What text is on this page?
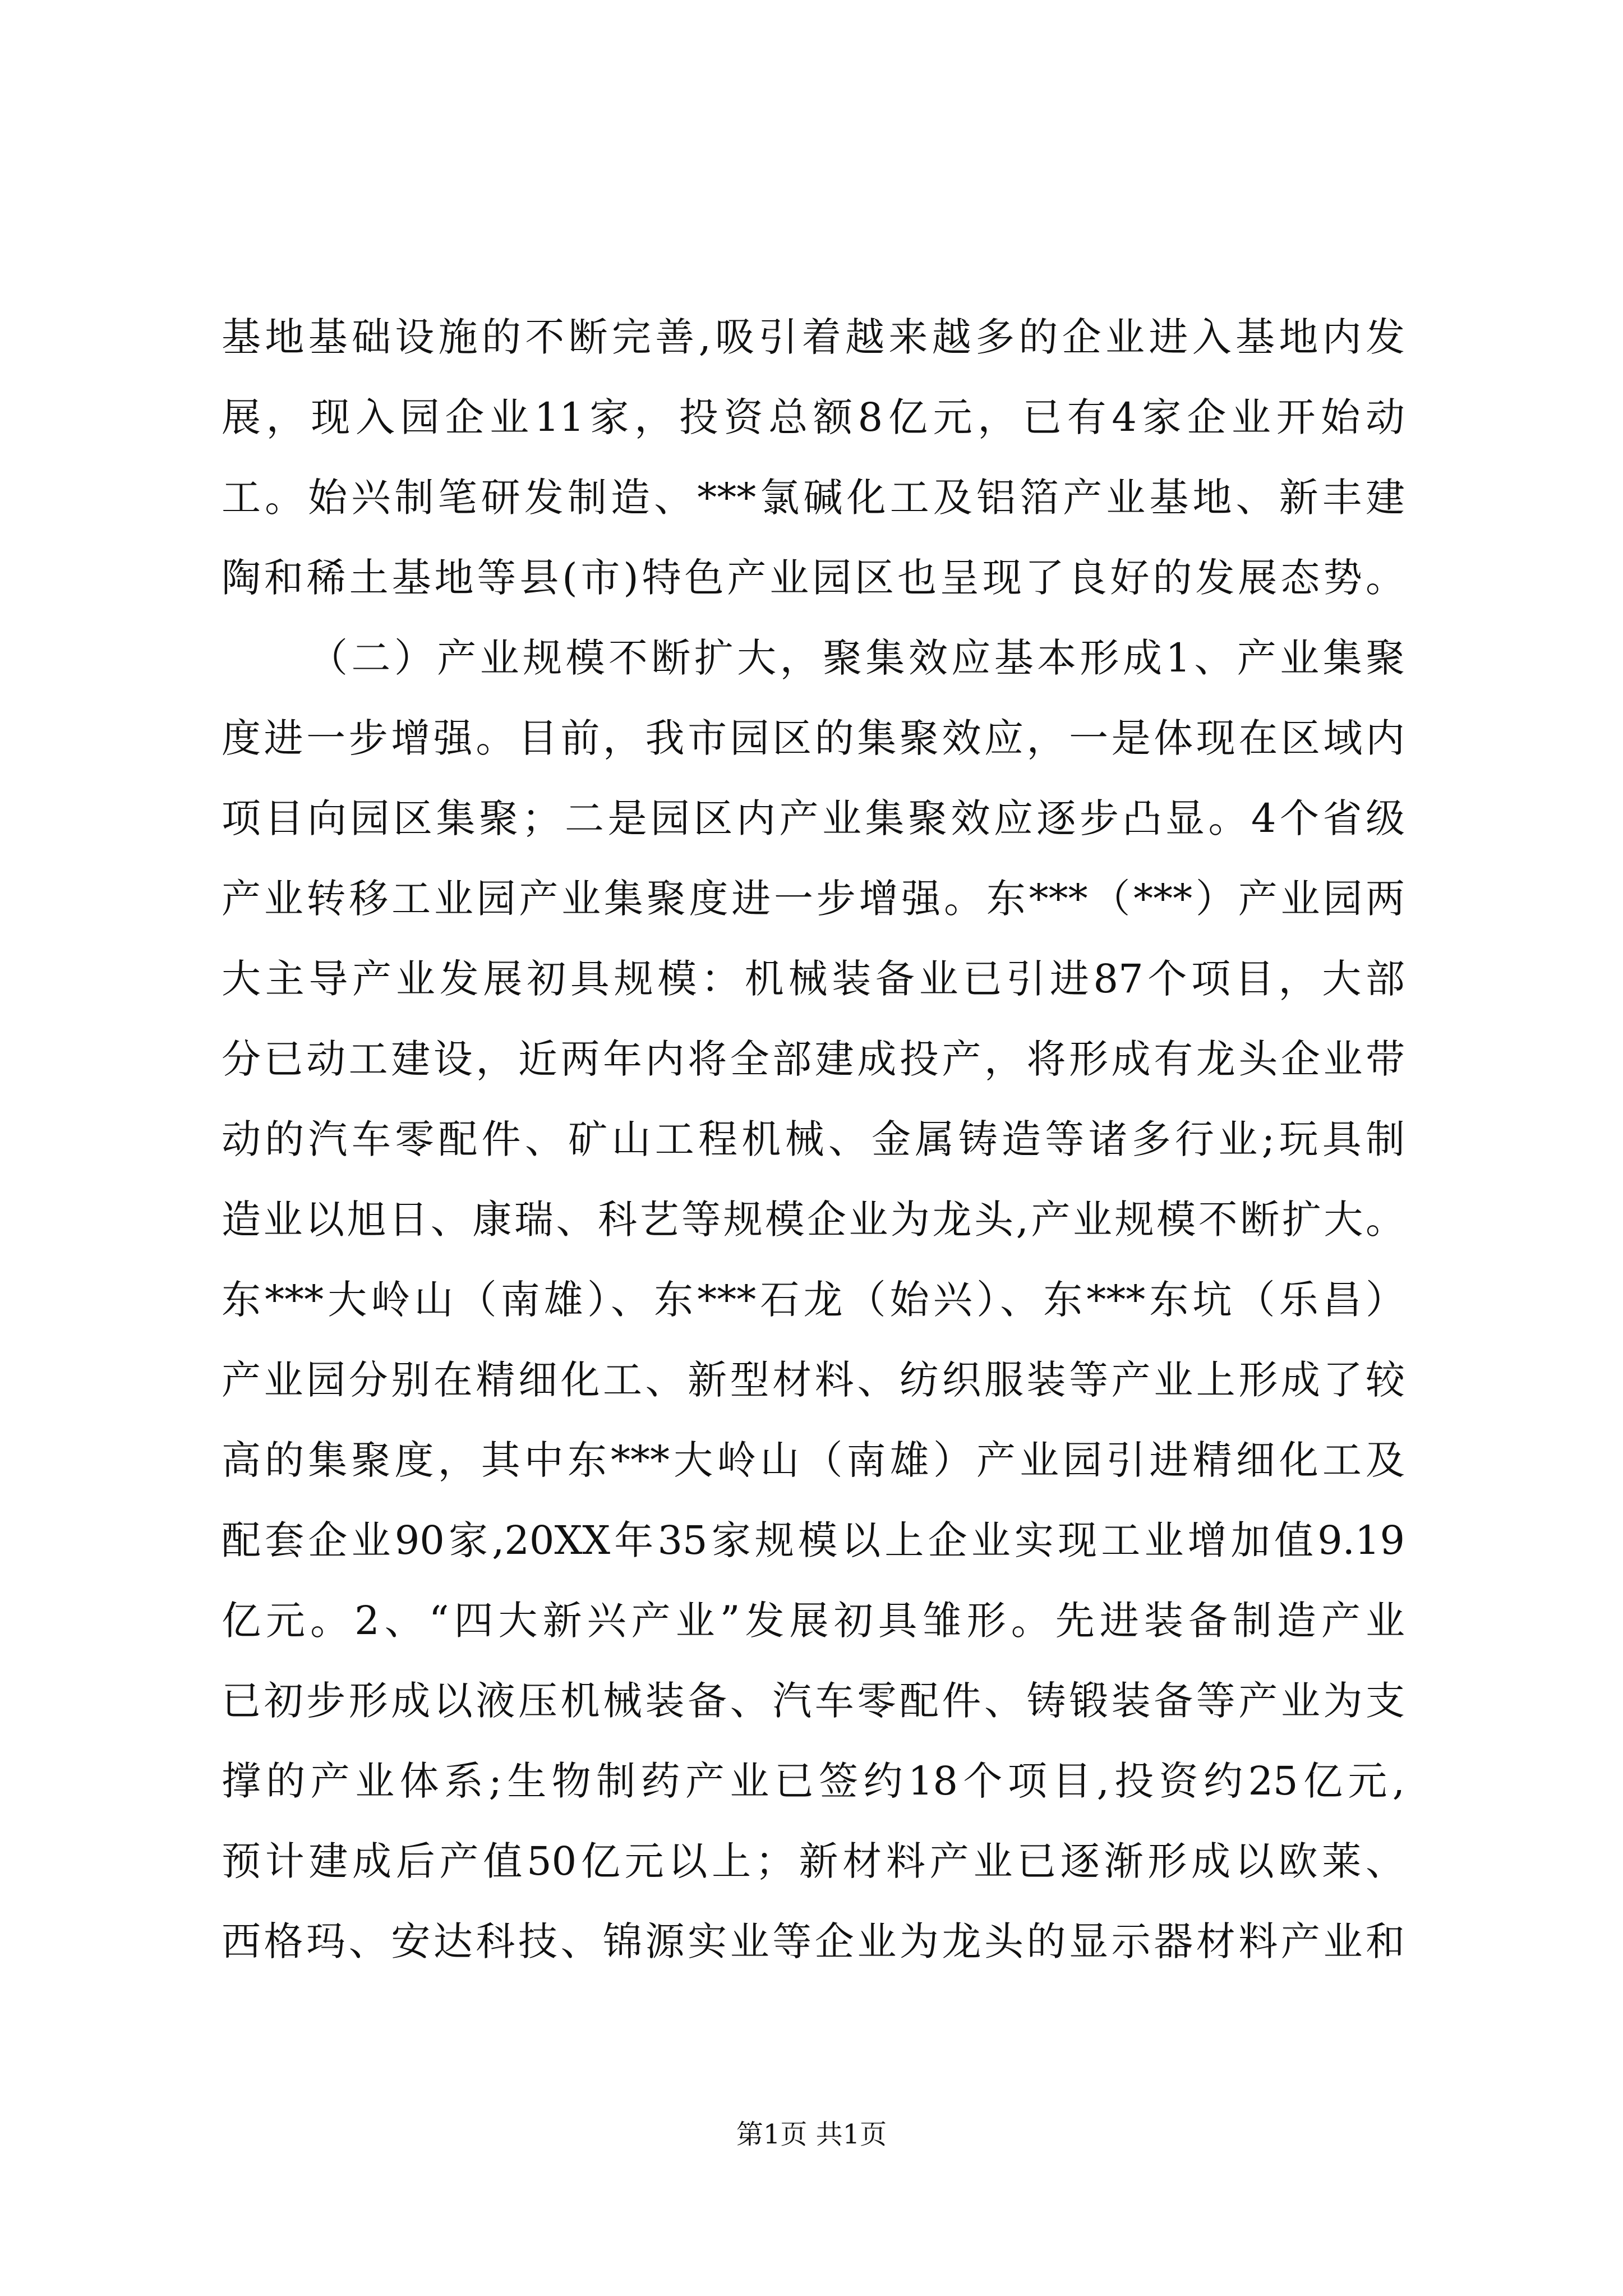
基地基础设施的不断完善,吸引着越来越多的企业进入基地内发
展，现入园企业11家，投资总额8亿元，已有4家企业开始动
工。始兴制笔研发制造、***氯碱化工及铝箔产业基地、新丰建
陶和稀土基地等县(市)特色产业园区也呈现了良好的发展态势。
（二）产业规模不断扩大，聚集效应基本形成1、产业集聚
度进一步增强。目前，我市园区的集聚效应，一是体现在区域内
项目向园区集聚；二是园区内产业集聚效应逐步凸显。4个省级
产业转移工业园产业集聚度进一步增强。东***（***）产业园两
大主导产业发展初具规模：机械装备业已引进87个项目，大部
分已动工建设，近两年内将全部建成投产，将形成有龙头企业带
动的汽车零配件、矿山工程机械、金属铸造等诸多行业;玩具制
造业以旭日、康瑞、科艺等规模企业为龙头,产业规模不断扩大。
东***大岭山（南雄）、东***石龙（始兴）、东***东坑（乐昌）
产业园分别在精细化工、新型材料、纺织服装等产业上形成了较
高的集聚度，其中东***大岭山（南雄）产业园引进精细化工及
配套企业90家,20XX年35家规模以上企业实现工业增加值9.19
亿元。2、“四大新兴产业”发展初具雏形。先进装备制造产业
已初步形成以液压机械装备、汽车零配件、铸锻装备等产业为支
撑的产业体系;生物制药产业已签约18个项目,投资约25亿元,
预计建成后产值50亿元以上；新材料产业已逐渐形成以欧莱、
西格玛、安达科技、锦源实业等企业为龙头的显示器材料产业和
第1页 共1页
